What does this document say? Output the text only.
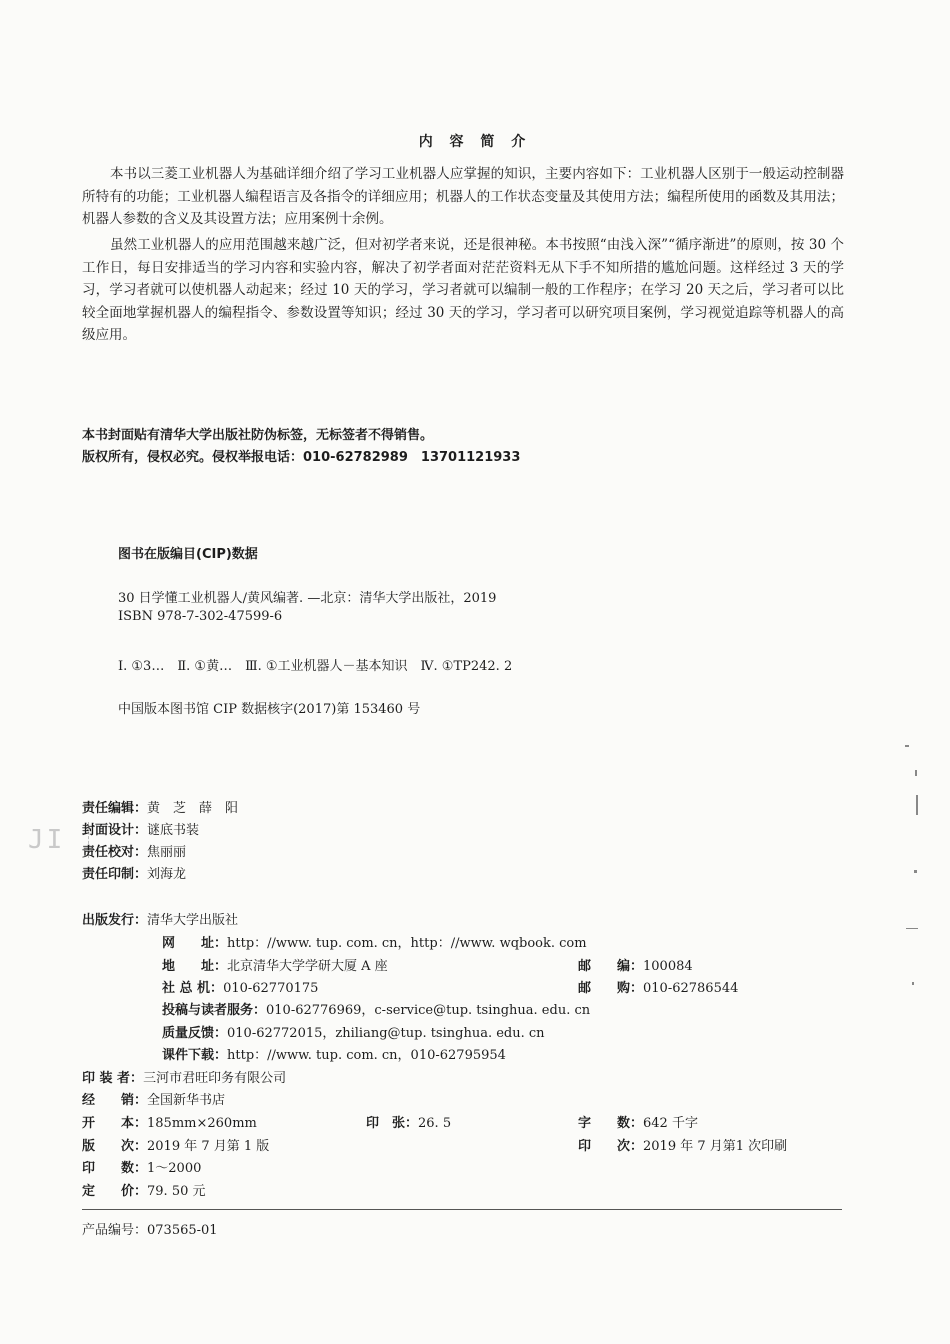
内 容 简 介

本书以三菱工业机器人为基础详细介绍了学习工业机器人应掌握的知识，主要内容如下：工业机器人区别于一般运动控制器所特有的功能；工业机器人编程语言及各指令的详细应用；机器人的工作状态变量及其使用方法；编程所使用的函数及其用法；机器人参数的含义及其设置方法；应用案例十余例。

虽然工业机器人的应用范围越来越广泛，但对初学者来说，还是很神秘。本书按照“由浅入深”“循序渐进”的原则，按 30 个工作日，每日安排适当的学习内容和实验内容，解决了初学者面对茫茫资料无从下手不知所措的尴尬问题。这样经过 3 天的学习，学习者就可以使机器人动起来；经过 10 天的学习，学习者就可以编制一般的工作程序；在学习 20 天之后，学习者可以比较全面地掌握机器人的编程指令、参数设置等知识；经过 30 天的学习，学习者可以研究项目案例，学习视觉追踪等机器人的高级应用。

本书封面贴有清华大学出版社防伪标签，无标签者不得销售。
版权所有，侵权必究。侵权举报电话：010-62782989　13701121933
图书在版编目(CIP)数据
30 日学懂工业机器人/黄风编著. —北京：清华大学出版社，2019
ISBN 978-7-302-47599-6
Ⅰ. ①3…　Ⅱ. ①黄…　Ⅲ. ①工业机器人－基本知识　Ⅳ. ①TP242. 2
中国版本图书馆 CIP 数据核字(2017)第 153460 号
JI
责任编辑：黄　芝　薛　阳
封面设计：谜底书装
责任校对：焦丽丽
责任印制：刘海龙
出版发行：清华大学出版社
网　　址：http：//www. tup. com. cn，http：//www. wqbook. com
地　　址：北京清华大学学研大厦 A 座	邮　　编：100084
社 总 机：010-62770175	邮　　购：010-62786544
投稿与读者服务：010-62776969，c-service@tup. tsinghua. edu. cn
质量反馈：010-62772015，zhiliang@tup. tsinghua. edu. cn
课件下载：http：//www. tup. com. cn，010-62795954
印 装 者：三河市君旺印务有限公司
经　　销：全国新华书店
开　　本：185mm×260mm	印　张：26. 5	字　　数：642 千字
版　　次：2019 年 7 月第 1 版	印　　次：2019 年 7 月第1 次印刷
印　　数：1～2000
定　　价：79. 50 元
产品编号：073565-01
